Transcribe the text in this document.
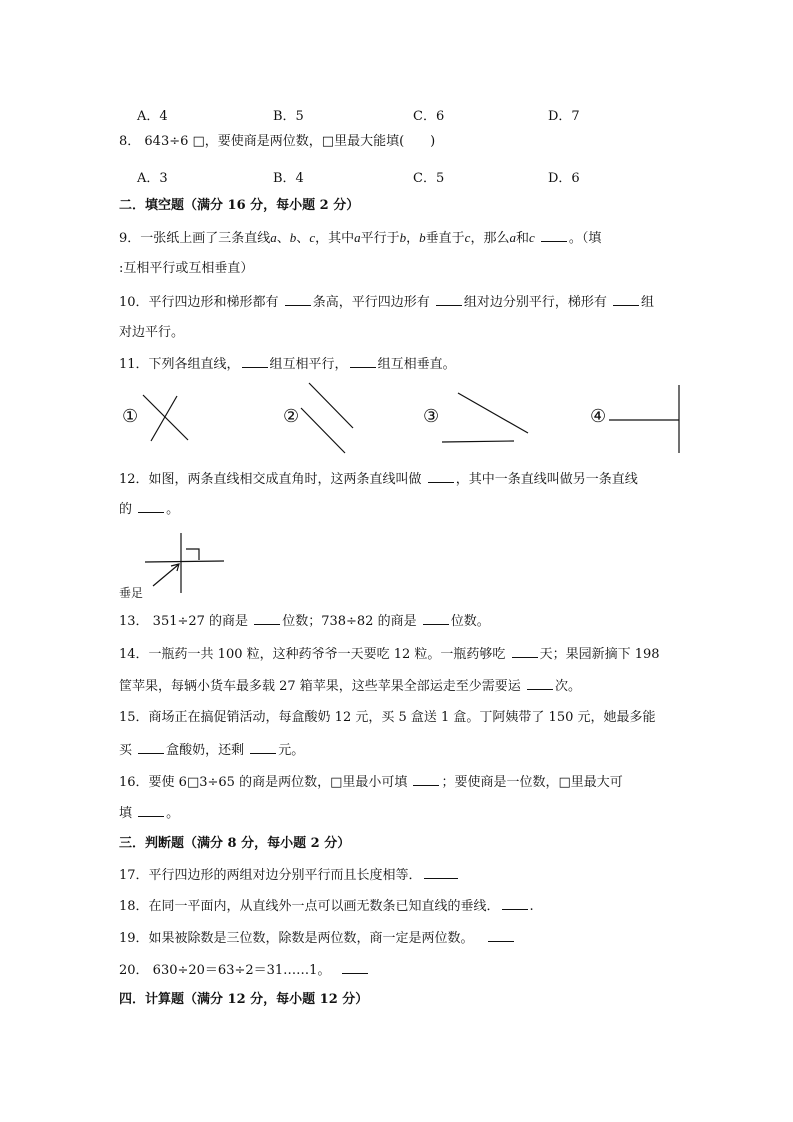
A．4	B．5	C．6	D．7
8． 643÷6 □，要使商是两位数，□里最大能填(　　)
A．3	B．4	C．5	D．6
二．填空题（满分 16 分，每小题 2 分）
9．一张纸上画了三条直线a、b、c，其中a平行于b，b垂直于c，那么a和c	。（填
:互相平行或互相垂直）
10．平行四边形和梯形都有 条高，平行四边形有 组对边分别平行，梯形有 组
对边平行。
11．下列各组直线， 组互相平行， 组互相垂直。
①	②	③	④
12．如图，两条直线相交成直角时，这两条直线叫做 ，其中一条直线叫做另一条直线
的 。
垂足
13． 351÷27 的商是 位数；738÷82 的商是 位数。
14．一瓶药一共 100 粒，这种药爷爷一天要吃 12 粒。一瓶药够吃 天；果园新摘下 198
筐苹果，每辆小货车最多载 27 箱苹果，这些苹果全部运走至少需要运 次。
15．商场正在搞促销活动，每盒酸奶 12 元，买 5 盒送 1 盒。丁阿姨带了 150 元，她最多能
买 盒酸奶，还剩 元。
16．要使 6□3÷65 的商是两位数，□里最小可填 ；要使商是一位数，□里最大可
填 。
三．判断题（满分 8 分，每小题 2 分）
17．平行四边形的两组对边分别平行而且长度相等．
18．在同一平面内，从直线外一点可以画无数条已知直线的垂线． .
19．如果被除数是三位数，除数是两位数，商一定是两位数。
20． 630÷20＝63÷2＝31……1。
四．计算题（满分 12 分，每小题 12 分）
